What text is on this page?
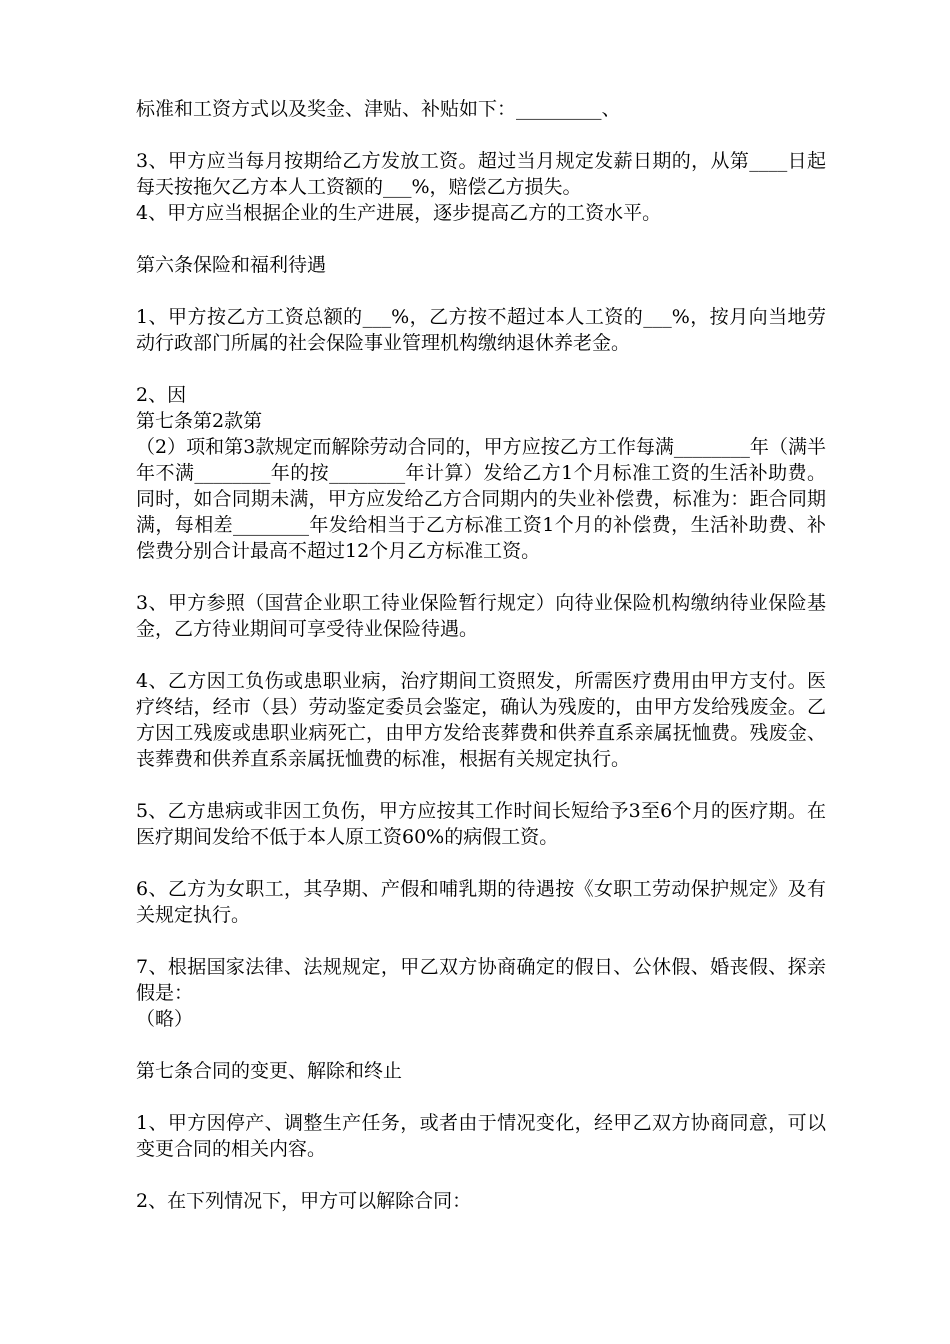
标准和工资方式以及奖金、津贴、补贴如下：_________、

3、甲方应当每月按期给乙方发放工资。超过当月规定发薪日期的，从第____日起每天按拖欠乙方本人工资额的___%，赔偿乙方损失。

4、甲方应当根据企业的生产进展，逐步提高乙方的工资水平。

第六条保险和福利待遇

1、甲方按乙方工资总额的___%，乙方按不超过本人工资的___%，按月向当地劳动行政部门所属的社会保险事业管理机构缴纳退休养老金。

2、因

第七条第2款第

（2）项和第3款规定而解除劳动合同的，甲方应按乙方工作每满________年（满半年不满________年的按________年计算）发给乙方1个月标准工资的生活补助费。同时，如合同期未满，甲方应发给乙方合同期内的失业补偿费，标准为：距合同期满，每相差________年发给相当于乙方标准工资1个月的补偿费，生活补助费、补偿费分别合计最高不超过12个月乙方标准工资。

3、甲方参照（国营企业职工待业保险暂行规定）向待业保险机构缴纳待业保险基金，乙方待业期间可享受待业保险待遇。

4、乙方因工负伤或患职业病，治疗期间工资照发，所需医疗费用由甲方支付。医疗终结，经市（县）劳动鉴定委员会鉴定，确认为残废的，由甲方发给残废金。乙方因工残废或患职业病死亡，由甲方发给丧葬费和供养直系亲属抚恤费。残废金、丧葬费和供养直系亲属抚恤费的标准，根据有关规定执行。

5、乙方患病或非因工负伤，甲方应按其工作时间长短给予3至6个月的医疗期。在医疗期间发给不低于本人原工资60%的病假工资。

6、乙方为女职工，其孕期、产假和哺乳期的待遇按《女职工劳动保护规定》及有关规定执行。

7、根据国家法律、法规规定，甲乙双方协商确定的假日、公休假、婚丧假、探亲假是：

（略）

第七条合同的变更、解除和终止

1、甲方因停产、调整生产任务，或者由于情况变化，经甲乙双方协商同意，可以变更合同的相关内容。

2、在下列情况下，甲方可以解除合同：
